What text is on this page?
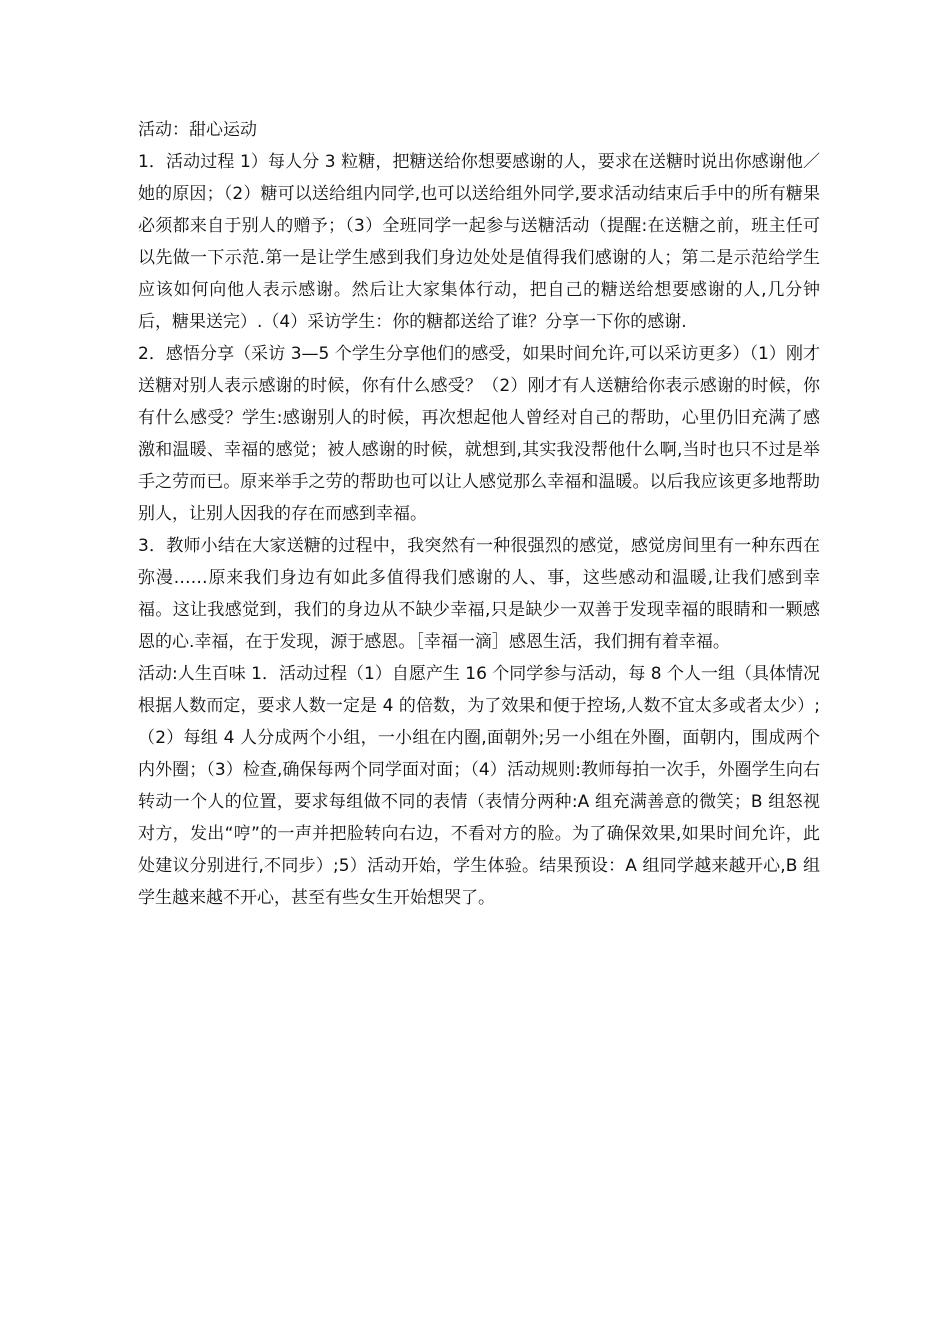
活动：甜心运动

1．活动过程 1）每人分 3 粒糖，把糖送给你想要感谢的人，要求在送糖时说出你感谢他／她的原因；（2）糖可以送给组内同学,也可以送给组外同学,要求活动结束后手中的所有糖果必须都来自于别人的赠予；（3）全班同学一起参与送糖活动（提醒:在送糖之前，班主任可以先做一下示范.第一是让学生感到我们身边处处是值得我们感谢的人；第二是示范给学生应该如何向他人表示感谢。然后让大家集体行动，把自己的糖送给想要感谢的人,几分钟后，糖果送完）.（4）采访学生：你的糖都送给了谁？分享一下你的感谢.

2．感悟分享（采访 3—5 个学生分享他们的感受，如果时间允许,可以采访更多）（1）刚才送糖对别人表示感谢的时候，你有什么感受？（2）刚才有人送糖给你表示感谢的时候，你有什么感受？学生:感谢别人的时候，再次想起他人曾经对自己的帮助，心里仍旧充满了感激和温暖、幸福的感觉；被人感谢的时候，就想到,其实我没帮他什么啊,当时也只不过是举手之劳而已。原来举手之劳的帮助也可以让人感觉那么幸福和温暖。以后我应该更多地帮助别人，让别人因我的存在而感到幸福。

3．教师小结在大家送糖的过程中，我突然有一种很强烈的感觉，感觉房间里有一种东西在弥漫……原来我们身边有如此多值得我们感谢的人、事，这些感动和温暖,让我们感到幸福。这让我感觉到，我们的身边从不缺少幸福,只是缺少一双善于发现幸福的眼睛和一颗感恩的心.幸福，在于发现，源于感恩。［幸福一滴］感恩生活，我们拥有着幸福。

活动:人生百味 1．活动过程（1）自愿产生 16 个同学参与活动，每 8 个人一组（具体情况根据人数而定，要求人数一定是 4 的倍数，为了效果和便于控场,人数不宜太多或者太少）;（2）每组 4 人分成两个小组，一小组在内圈,面朝外;另一小组在外圈，面朝内，围成两个内外圈；（3）检查,确保每两个同学面对面；（4）活动规则:教师每拍一次手，外圈学生向右转动一个人的位置，要求每组做不同的表情（表情分两种:A 组充满善意的微笑；B 组怒视对方，发出“哼”的一声并把脸转向右边，不看对方的脸。为了确保效果,如果时间允许，此处建议分别进行,不同步）;5）活动开始，学生体验。结果预设：A 组同学越来越开心,B 组学生越来越不开心，甚至有些女生开始想哭了。
